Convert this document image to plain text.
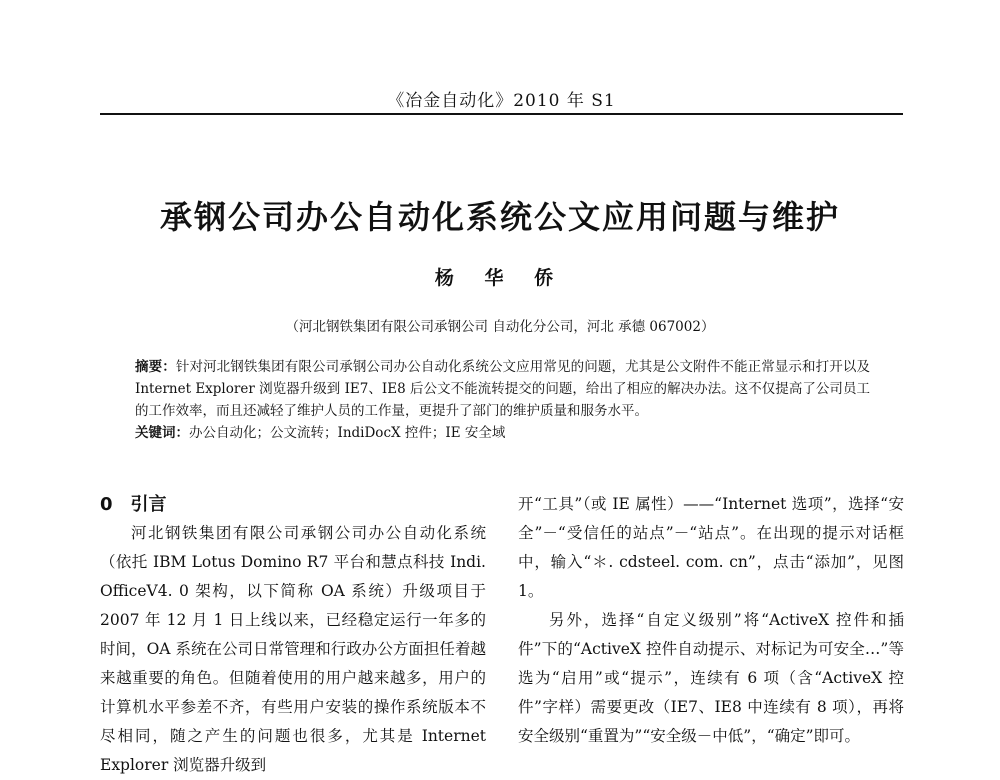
《冶金自动化》2010 年 S1
承钢公司办公自动化系统公文应用问题与维护
杨 华 侨
（河北钢铁集团有限公司承钢公司 自动化分公司，河北 承德 067002）
摘要：针对河北钢铁集团有限公司承钢公司办公自动化系统公文应用常见的问题，尤其是公文附件不能正常显示和打开以及 Internet Explorer 浏览器升级到 IE7、IE8 后公文不能流转提交的问题，给出了相应的解决办法。这不仅提高了公司员工的工作效率，而且还减轻了维护人员的工作量，更提升了部门的维护质量和服务水平。
关键词：办公自动化；公文流转；IndiDocX 控件；IE 安全域
0　引言
河北钢铁集团有限公司承钢公司办公自动化系统（依托 IBM Lotus Domino R7 平台和慧点科技 Indi. OfficeV4. 0 架构，以下简称 OA 系统）升级项目于2007 年 12 月 1 日上线以来，已经稳定运行一年多的时间，OA 系统在公司日常管理和行政办公方面担任着越来越重要的角色。但随着使用的用户越来越多，用户的计算机水平参差不齐，有些用户安装的操作系统版本不尽相同，随之产生的问题也很多，尤其是 Internet Explorer 浏览器升级到
开“工具”（或 IE 属性）——“Internet 选项”，选择“安全”－“受信任的站点”－“站点”。在出现的提示对话框中，输入“＊. cdsteel. com. cn”，点击“添加”，见图 1。
另外，选择“自定义级别”将“ActiveX 控件和插件”下的“ActiveX 控件自动提示、对标记为可安全…”等选为“启用”或“提示”，连续有 6 项（含“ActiveX 控件”字样）需要更改（IE7、IE8 中连续有 8 项），再将安全级别“重置为”“安全级－中低”，“确定”即可。
